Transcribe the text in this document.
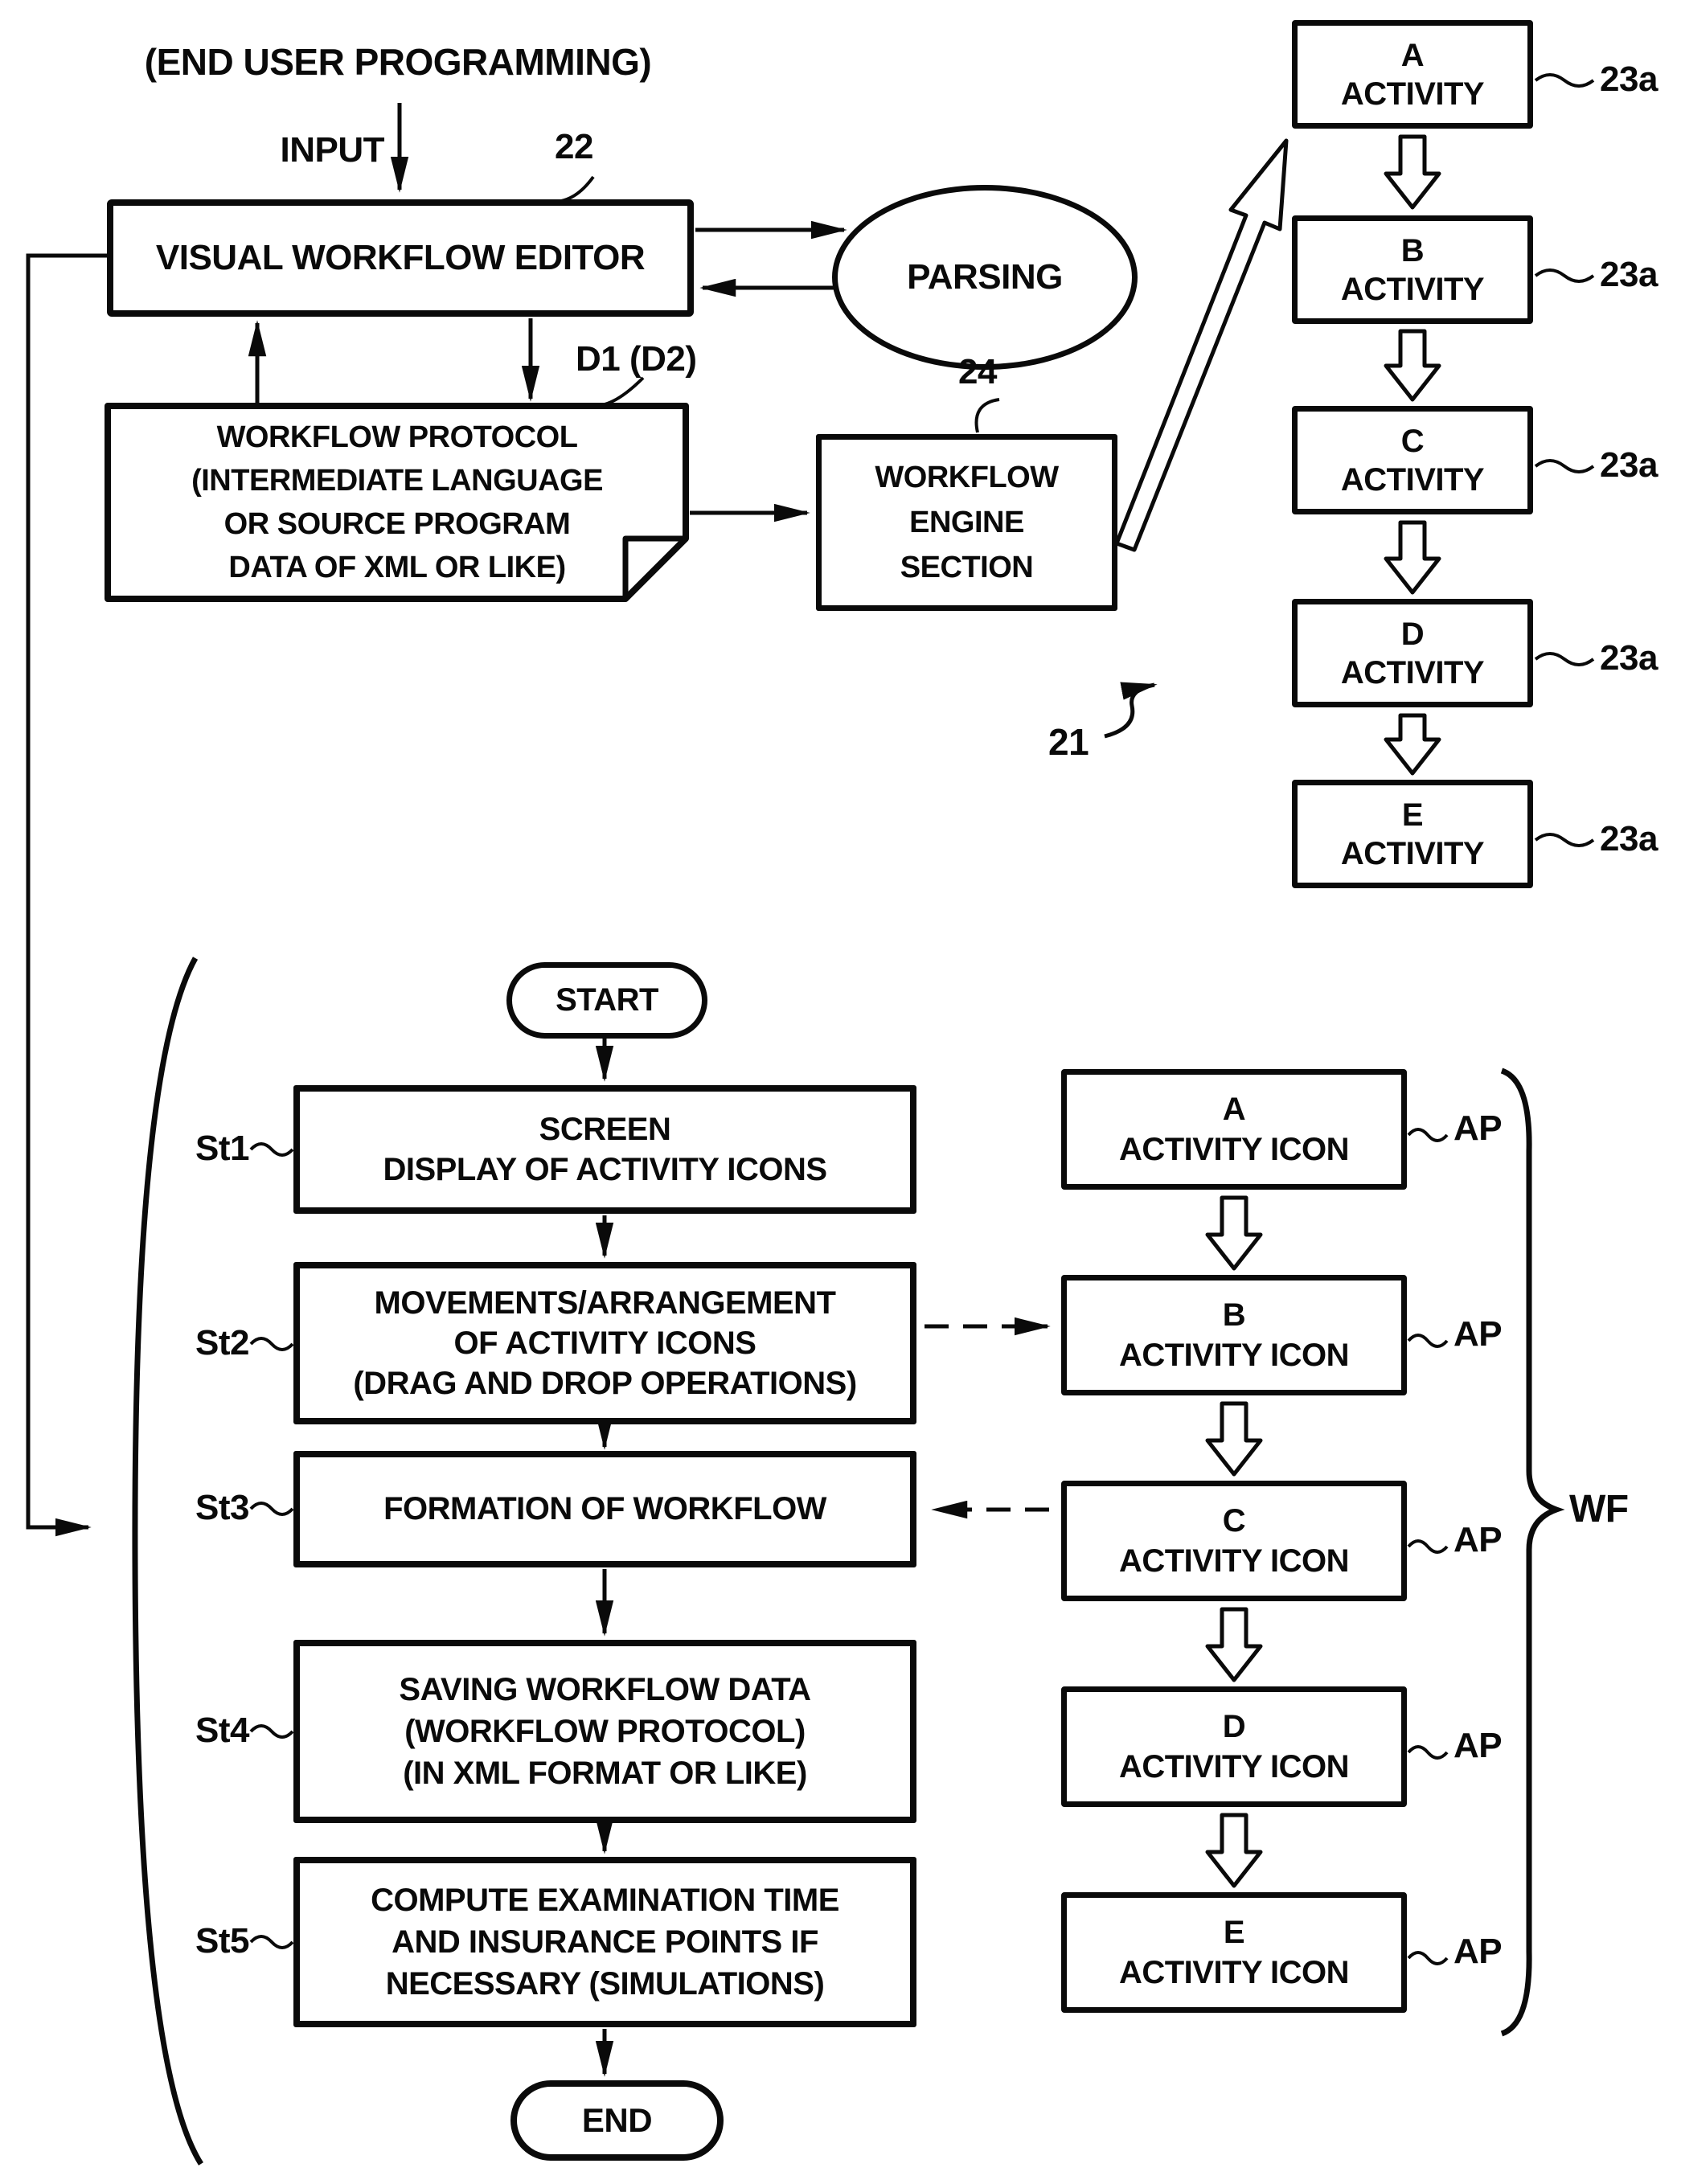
(END USER PROGRAMMING)
INPUT	22
VISUAL WORKFLOW EDITOR	PARSING
D1 (D2)
WORKFLOW PROTOCOL
(INTERMEDIATE LANGUAGE
OR SOURCE PROGRAM
DATA OF XML OR LIKE)
24
WORKFLOW
ENGINE
SECTION
21
A
ACTIVITY	23a
B
ACTIVITY	23a
C
ACTIVITY	23a
D
ACTIVITY	23a
E
ACTIVITY	23a
START
St1	SCREEN
DISPLAY OF ACTIVITY ICONS
St2
MOVEMENTS/ARRANGEMENT
OF ACTIVITY ICONS
(DRAG AND DROP OPERATIONS)
St3	FORMATION OF WORKFLOW
St4
SAVING WORKFLOW DATA
(WORKFLOW PROTOCOL)
(IN XML FORMAT OR LIKE)
St5
COMPUTE EXAMINATION TIME
AND INSURANCE POINTS IF
NECESSARY (SIMULATIONS)
END
A
ACTIVITY ICON
AP
B
ACTIVITY ICON
AP
C
ACTIVITY ICON
AP
D
ACTIVITY ICON
AP
E
ACTIVITY ICON
AP
WF
